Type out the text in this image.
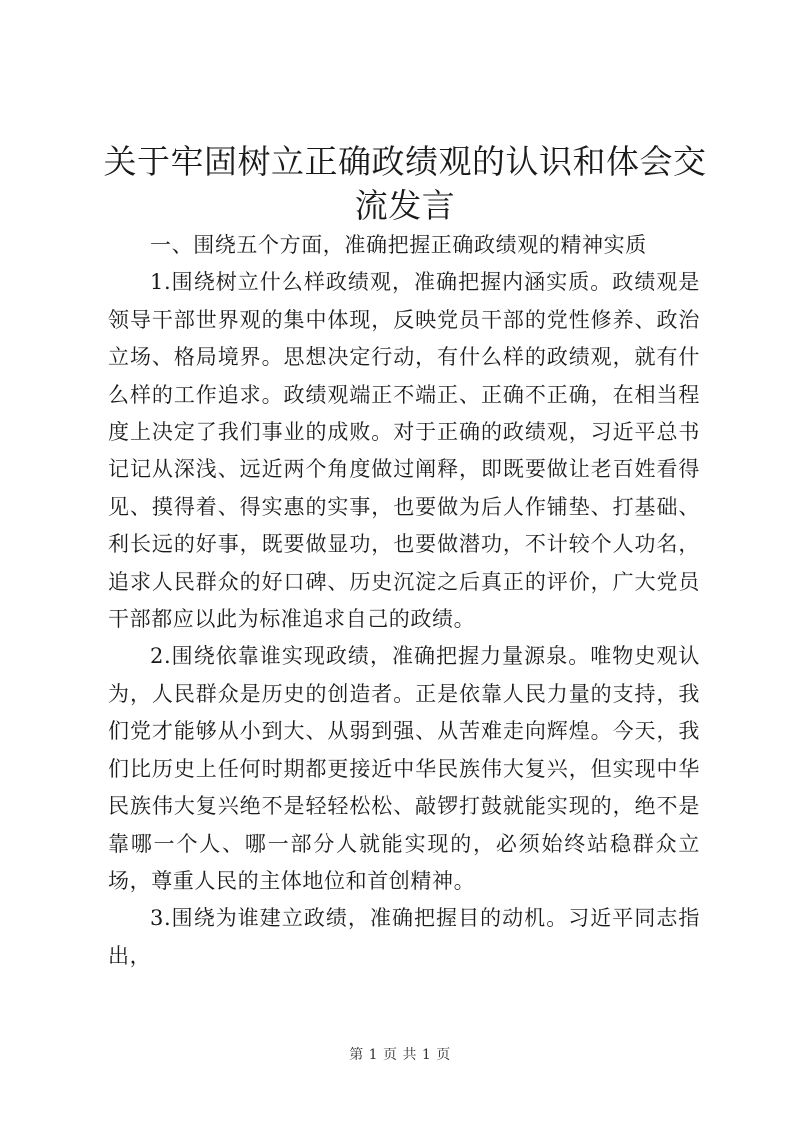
关于牢固树立正确政绩观的认识和体会交流发言

一、围绕五个方面，准确把握正确政绩观的精神实质

1.围绕树立什么样政绩观，准确把握内涵实质。政绩观是领导干部世界观的集中体现，反映党员干部的党性修养、政治立场、格局境界。思想决定行动，有什么样的政绩观，就有什么样的工作追求。政绩观端正不端正、正确不正确，在相当程度上决定了我们事业的成败。对于正确的政绩观，习近平总书记记从深浅、远近两个角度做过阐释，即既要做让老百姓看得见、摸得着、得实惠的实事，也要做为后人作铺垫、打基础、利长远的好事，既要做显功，也要做潜功，不计较个人功名，追求人民群众的好口碑、历史沉淀之后真正的评价，广大党员干部都应以此为标准追求自己的政绩。

2.围绕依靠谁实现政绩，准确把握力量源泉。唯物史观认为，人民群众是历史的创造者。正是依靠人民力量的支持，我们党才能够从小到大、从弱到强、从苦难走向辉煌。今天，我们比历史上任何时期都更接近中华民族伟大复兴，但实现中华民族伟大复兴绝不是轻轻松松、敲锣打鼓就能实现的，绝不是靠哪一个人、哪一部分人就能实现的，必须始终站稳群众立场，尊重人民的主体地位和首创精神。

3.围绕为谁建立政绩，准确把握目的动机。习近平同志指出，

第 1 页 共 1 页
